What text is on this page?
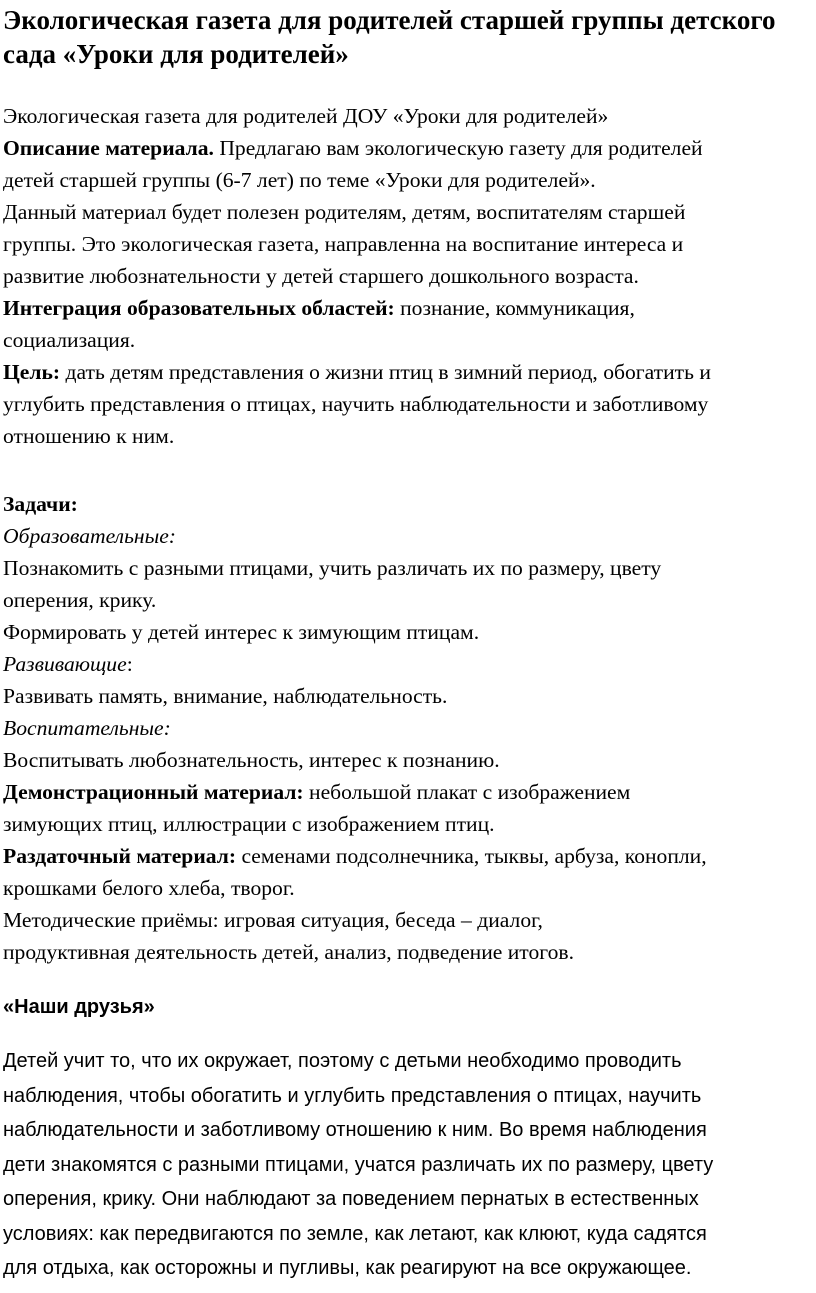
Экологическая газета для родителей старшей группы детского
сада «Уроки для родителей»
Экологическая газета для родителей ДОУ «Уроки для родителей»
Описание материала. Предлагаю вам экологическую газету для родителей
детей старшей группы (6-7 лет) по теме «Уроки для родителей».
Данный материал будет полезен родителям, детям, воспитателям старшей
группы. Это экологическая газета, направленна на воспитание интереса и
развитие любознательности у детей старшего дошкольного возраста.
Интеграция образовательных областей: познание, коммуникация,
социализация.
Цель: дать детям представления о жизни птиц в зимний период, обогатить и
углубить представления о птицах, научить наблюдательности и заботливому
отношению к ним.
Задачи:
Образовательные:
Познакомить с разными птицами, учить различать их по размеру, цвету
оперения, крику.
Формировать у детей интерес к зимующим птицам.
Развивающие:
Развивать память, внимание, наблюдательность.
Воспитательные:
Воспитывать любознательность, интерес к познанию.
Демонстрационный материал: небольшой плакат с изображением
зимующих птиц, иллюстрации с изображением птиц.
Раздаточный материал: семенами подсолнечника, тыквы, арбуза, конопли,
крошками белого хлеба, творог.
Методические приёмы: игровая ситуация, беседа – диалог,
продуктивная деятельность детей, анализ, подведение итогов.
«Наши друзья»
Детей учит то, что их окружает, поэтому с детьми необходимо проводить
наблюдения, чтобы обогатить и углубить представления о птицах, научить
наблюдательности и заботливому отношению к ним. Во время наблюдения
дети знакомятся с разными птицами, учатся различать их по размеру, цвету
оперения, крику. Они наблюдают за поведением пернатых в естественных
условиях: как передвигаются по земле, как летают, как клюют, куда садятся
для отдыха, как осторожны и пугливы, как реагируют на все окружающее.
